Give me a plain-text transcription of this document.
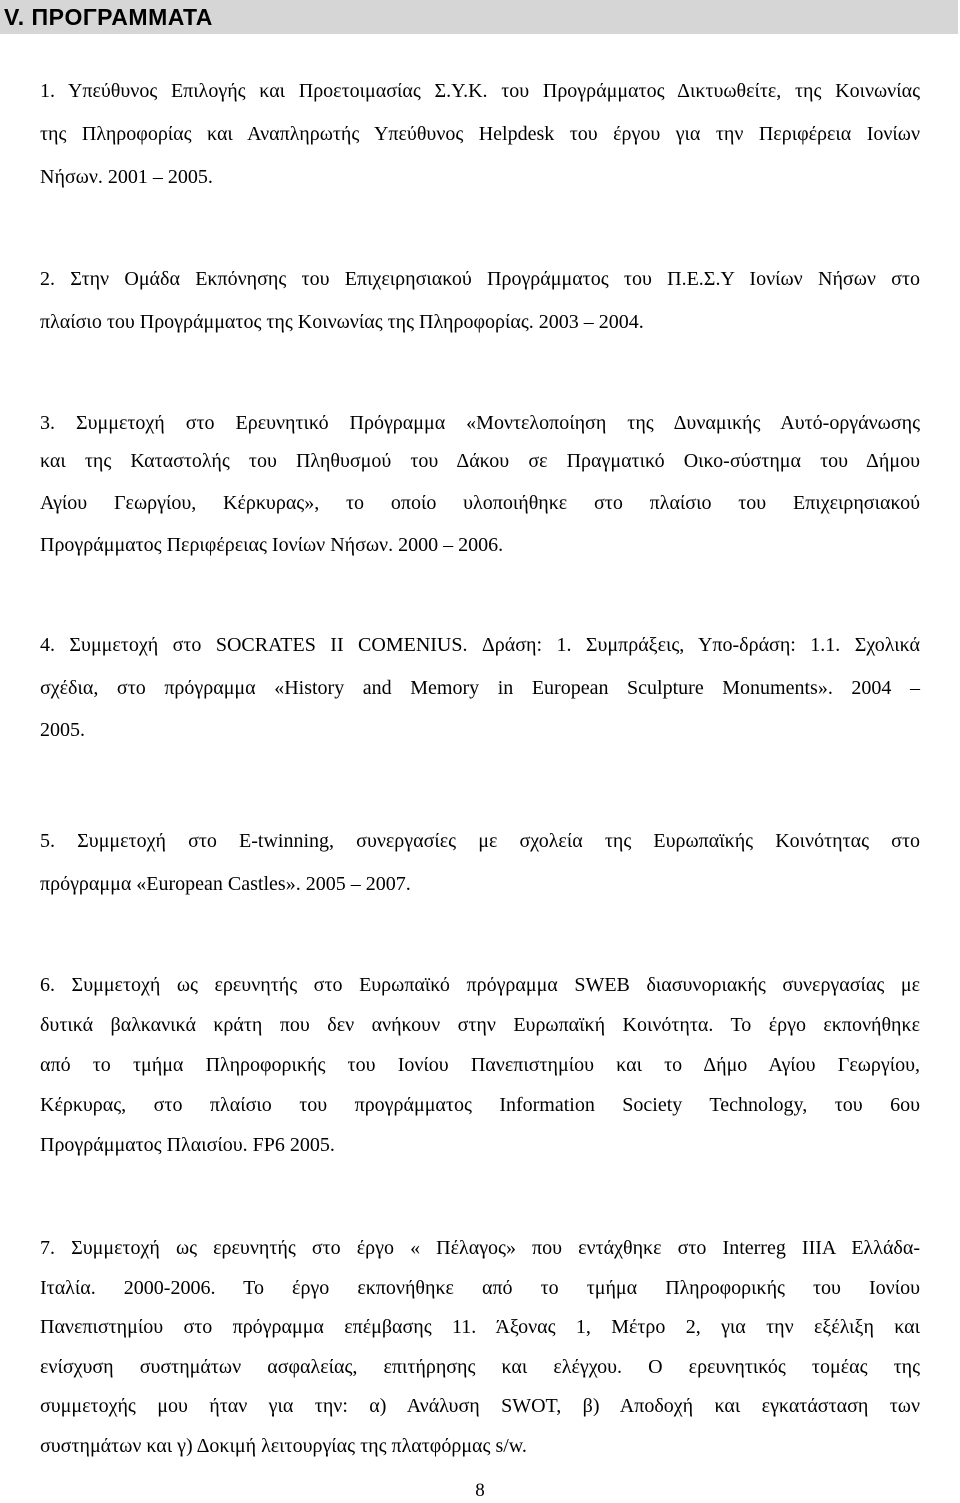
V. ΠΡΟΓΡΑΜΜΑΤΑ
1. Υπεύθυνος Επιλογής και Προετοιμασίας Σ.Υ.Κ. του Προγράμματος Δικτυωθείτε, της Κοινωνίας
της Πληροφορίας και Αναπληρωτής Υπεύθυνος Helpdesk του έργου για την Περιφέρεια Ιονίων
Νήσων. 2001 – 2005.
2. Στην Ομάδα Εκπόνησης του Επιχειρησιακού Προγράμματος του Π.Ε.Σ.Υ Ιονίων Νήσων στο
πλαίσιο του Προγράμματος της Κοινωνίας της Πληροφορίας. 2003 – 2004.
3. Συμμετοχή στο Ερευνητικό Πρόγραμμα «Μοντελοποίηση της Δυναμικής Αυτό-οργάνωσης
και της Καταστολής του Πληθυσμού του Δάκου σε Πραγματικό Οικο-σύστημα του Δήμου
Αγίου Γεωργίου, Κέρκυρας», το οποίο υλοποιήθηκε στο πλαίσιο του Επιχειρησιακού
Προγράμματος Περιφέρειας Ιονίων Νήσων. 2000 – 2006.
4. Συμμετοχή στο SOCRATES II COMENIUS. Δράση: 1. Συμπράξεις, Υπο-δράση: 1.1. Σχολικά
σχέδια, στο πρόγραμμα «History and Memory in European Sculpture Monuments». 2004 –
2005.
5. Συμμετοχή στο E-twinning, συνεργασίες με σχολεία της Ευρωπαϊκής Κοινότητας στο
πρόγραμμα «European Castles». 2005 – 2007.
6. Συμμετοχή ως ερευνητής στο Ευρωπαϊκό πρόγραμμα SWEB διασυνοριακής συνεργασίας με
δυτικά βαλκανικά κράτη που δεν ανήκουν στην Ευρωπαϊκή Κοινότητα. Το έργο εκπονήθηκε
από το τμήμα Πληροφορικής του Ιονίου Πανεπιστημίου και το Δήμο Αγίου Γεωργίου,
Κέρκυρας, στο πλαίσιο του προγράμματος Information Society Technology, του 6ου
Προγράμματος Πλαισίου. FP6 2005.
7. Συμμετοχή ως ερευνητής στο έργο « Πέλαγος» που εντάχθηκε στο Interreg IIIA Ελλάδα-
Ιταλία. 2000-2006. Το έργο εκπονήθηκε από το τμήμα Πληροφορικής του Ιονίου
Πανεπιστημίου στο πρόγραμμα επέμβασης 11. Άξονας 1, Μέτρο 2, για την εξέλιξη και
ενίσχυση συστημάτων ασφαλείας, επιτήρησης και ελέγχου. Ο ερευνητικός τομέας της
συμμετοχής μου ήταν για την: α) Ανάλυση SWOT, β) Αποδοχή και εγκατάσταση των
συστημάτων και γ) Δοκιμή λειτουργίας της πλατφόρμας s/w.
8
